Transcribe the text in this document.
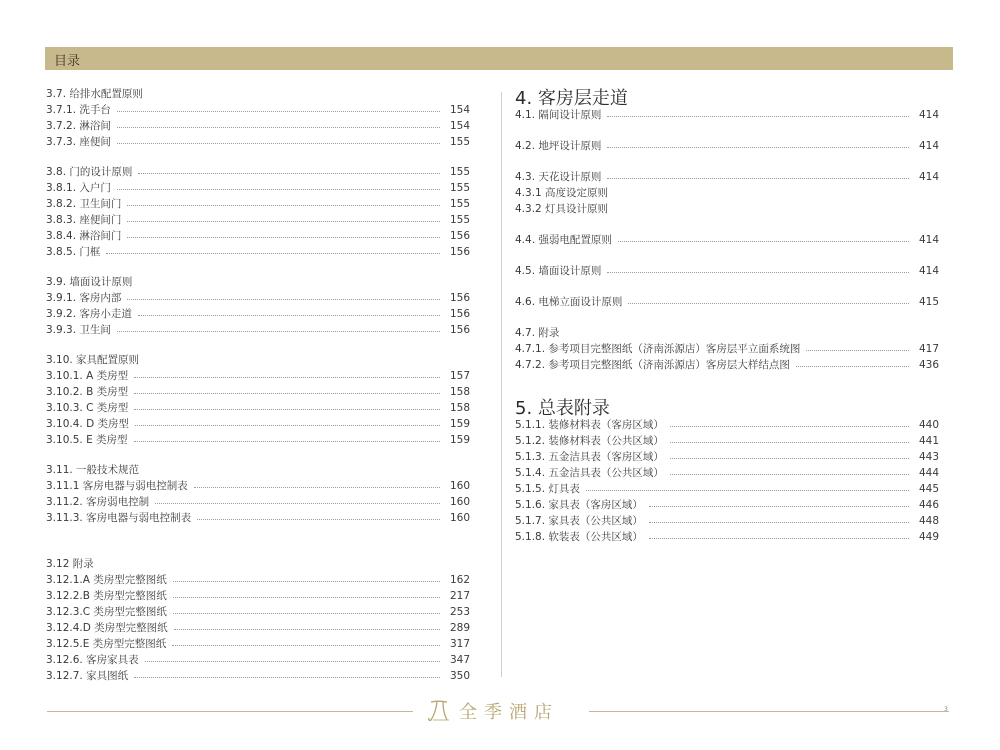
目录
3.7. 给排水配置原则
3.7.1. 洗手台	154
3.7.2. 淋浴间	154
3.7.3. 座便间	155
3.8. 门的设计原则	155
3.8.1. 入户门	155
3.8.2. 卫生间门	155
3.8.3. 座便间门	155
3.8.4. 淋浴间门	156
3.8.5. 门框	156
3.9. 墙面设计原则
3.9.1. 客房内部	156
3.9.2. 客房小走道	156
3.9.3. 卫生间	156
3.10. 家具配置原则
3.10.1. A 类房型	157
3.10.2. B 类房型	158
3.10.3. C 类房型	158
3.10.4. D 类房型	159
3.10.5. E 类房型	159
3.11. 一般技术规范
3.11.1 客房电器与弱电控制表	160
3.11.2. 客房弱电控制	160
3.11.3. 客房电器与弱电控制表	160
3.12 附录
3.12.1.A 类房型完整图纸	162
3.12.2.B 类房型完整图纸	217
3.12.3.C 类房型完整图纸	253
3.12.4.D 类房型完整图纸	289
3.12.5.E 类房型完整图纸	317
3.12.6. 客房家具表	347
3.12.7. 家具图纸	350
4. 客房层走道
5. 总表附录
4.1. 隔间设计原则	414
4.2. 地坪设计原则	414
4.3. 天花设计原则	414
4.3.1 高度设定原则
4.3.2 灯具设计原则
4.4. 强弱电配置原则	414
4.5. 墙面设计原则	414
4.6. 电梯立面设计原则	415
4.7. 附录
4.7.1. 参考项目完整图纸（济南泺源店）客房层平立面系统图	417
4.7.2. 参考项目完整图纸（济南泺源店）客房层大样结点图	436
5.1.1. 装修材料表（客房区域）	440
5.1.2. 装修材料表（公共区域）	441
5.1.3. 五金洁具表（客房区域）	443
5.1.4. 五金洁具表（公共区域）	444
5.1.5. 灯具表	445
5.1.6. 家具表（客房区域）	446
5.1.7. 家具表（公共区域）	448
5.1.8. 软装表（公共区域）	449
全季酒店	3
